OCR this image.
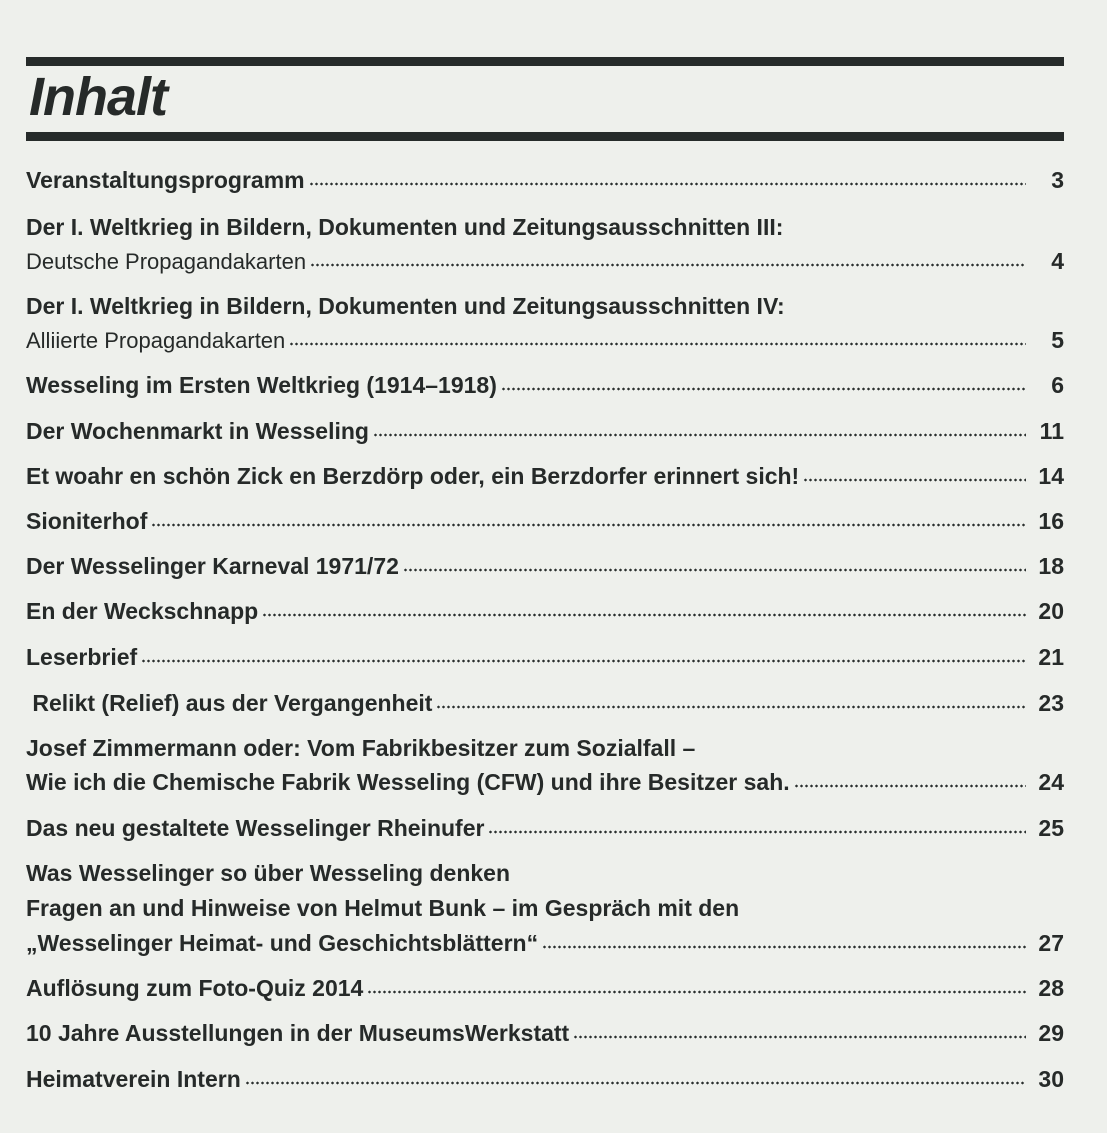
Inhalt
Veranstaltungsprogramm	3
Der I. Weltkrieg in Bildern, Dokumenten und Zeitungsausschnitten III:
Deutsche Propagandakarten	4
Der I. Weltkrieg in Bildern, Dokumenten und Zeitungsausschnitten IV:
Alliierte Propagandakarten	5
Wesseling im Ersten Weltkrieg (1914–1918)	6
Der Wochenmarkt in Wesseling	11
Et woahr en schön Zick en Berzdörp oder, ein Berzdorfer erinnert sich!	14
Sioniterhof	16
Der Wesselinger Karneval 1971/72	18
En der Weckschnapp	20
Leserbrief	21
Relikt (Relief) aus der Vergangenheit	23
Josef Zimmermann oder: Vom Fabrikbesitzer zum Sozialfall –
Wie ich die Chemische Fabrik Wesseling (CFW) und ihre Besitzer sah.	24
Das neu gestaltete Wesselinger Rheinufer	25
Was Wesselinger so über Wesseling denken
Fragen an und Hinweise von Helmut Bunk – im Gespräch mit den
„Wesselinger Heimat- und Geschichtsblättern“	27
Auflösung zum Foto-Quiz 2014	28
10 Jahre Ausstellungen in der MuseumsWerkstatt	29
Heimatverein Intern	30
